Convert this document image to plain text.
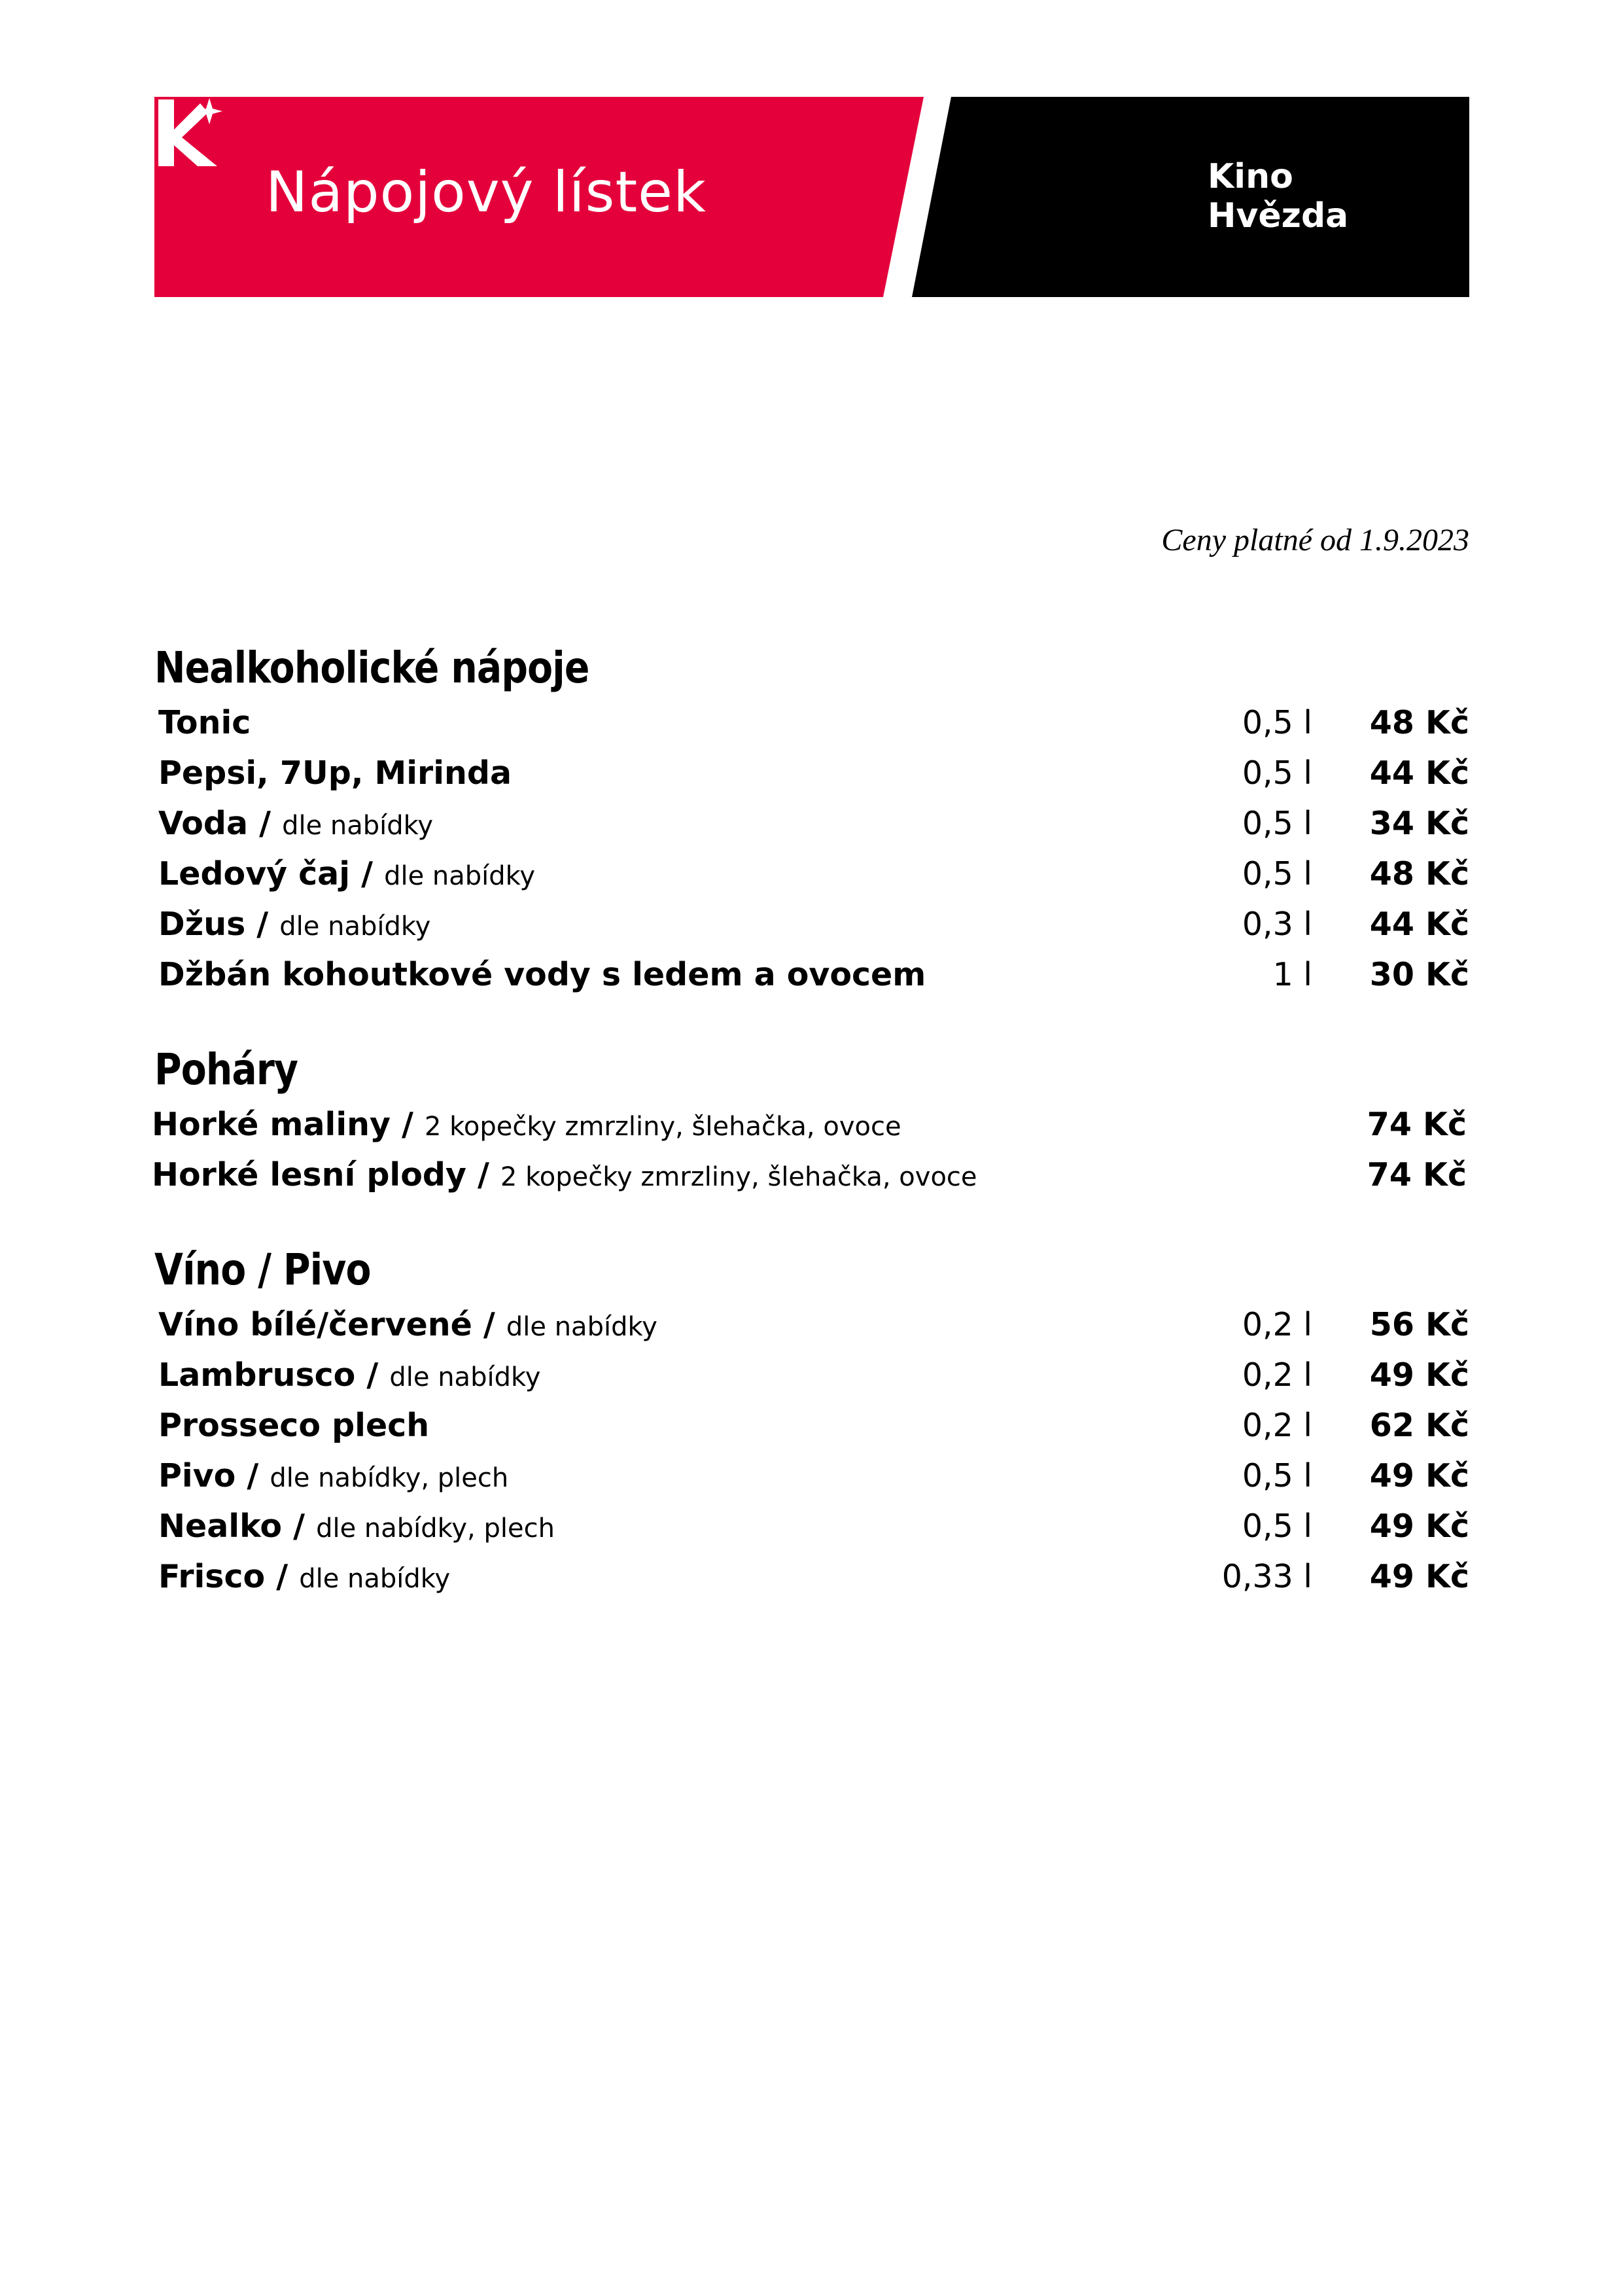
Nápojový lístek	Kino
Hvězda
Ceny platné od 1.9.2023
Nealkoholické nápoje
Tonic	0,5 l 48 Kč
Pepsi, 7Up, Mirinda	0,5 l 44 Kč
Voda / dle nabídky	0,5 l 34 Kč
Ledový čaj / dle nabídky	0,5 l 48 Kč
Džus / dle nabídky	0,3 l 44 Kč
Džbán kohoutkové vody s ledem a ovocem	1 l 30 Kč
Poháry
Horké maliny / 2 kopečky zmrzliny, šlehačka, ovoce	74 Kč
Horké lesní plody / 2 kopečky zmrzliny, šlehačka, ovoce	74 Kč
Víno / Pivo
Víno bílé/červené / dle nabídky	0,2 l 56 Kč
Lambrusco / dle nabídky	0,2 l 49 Kč
Prosseco plech	0,2 l 62 Kč
Pivo / dle nabídky, plech	0,5 l 49 Kč
Nealko / dle nabídky, plech	0,5 l 49 Kč
Frisco / dle nabídky	0,33 l 49 Kč
